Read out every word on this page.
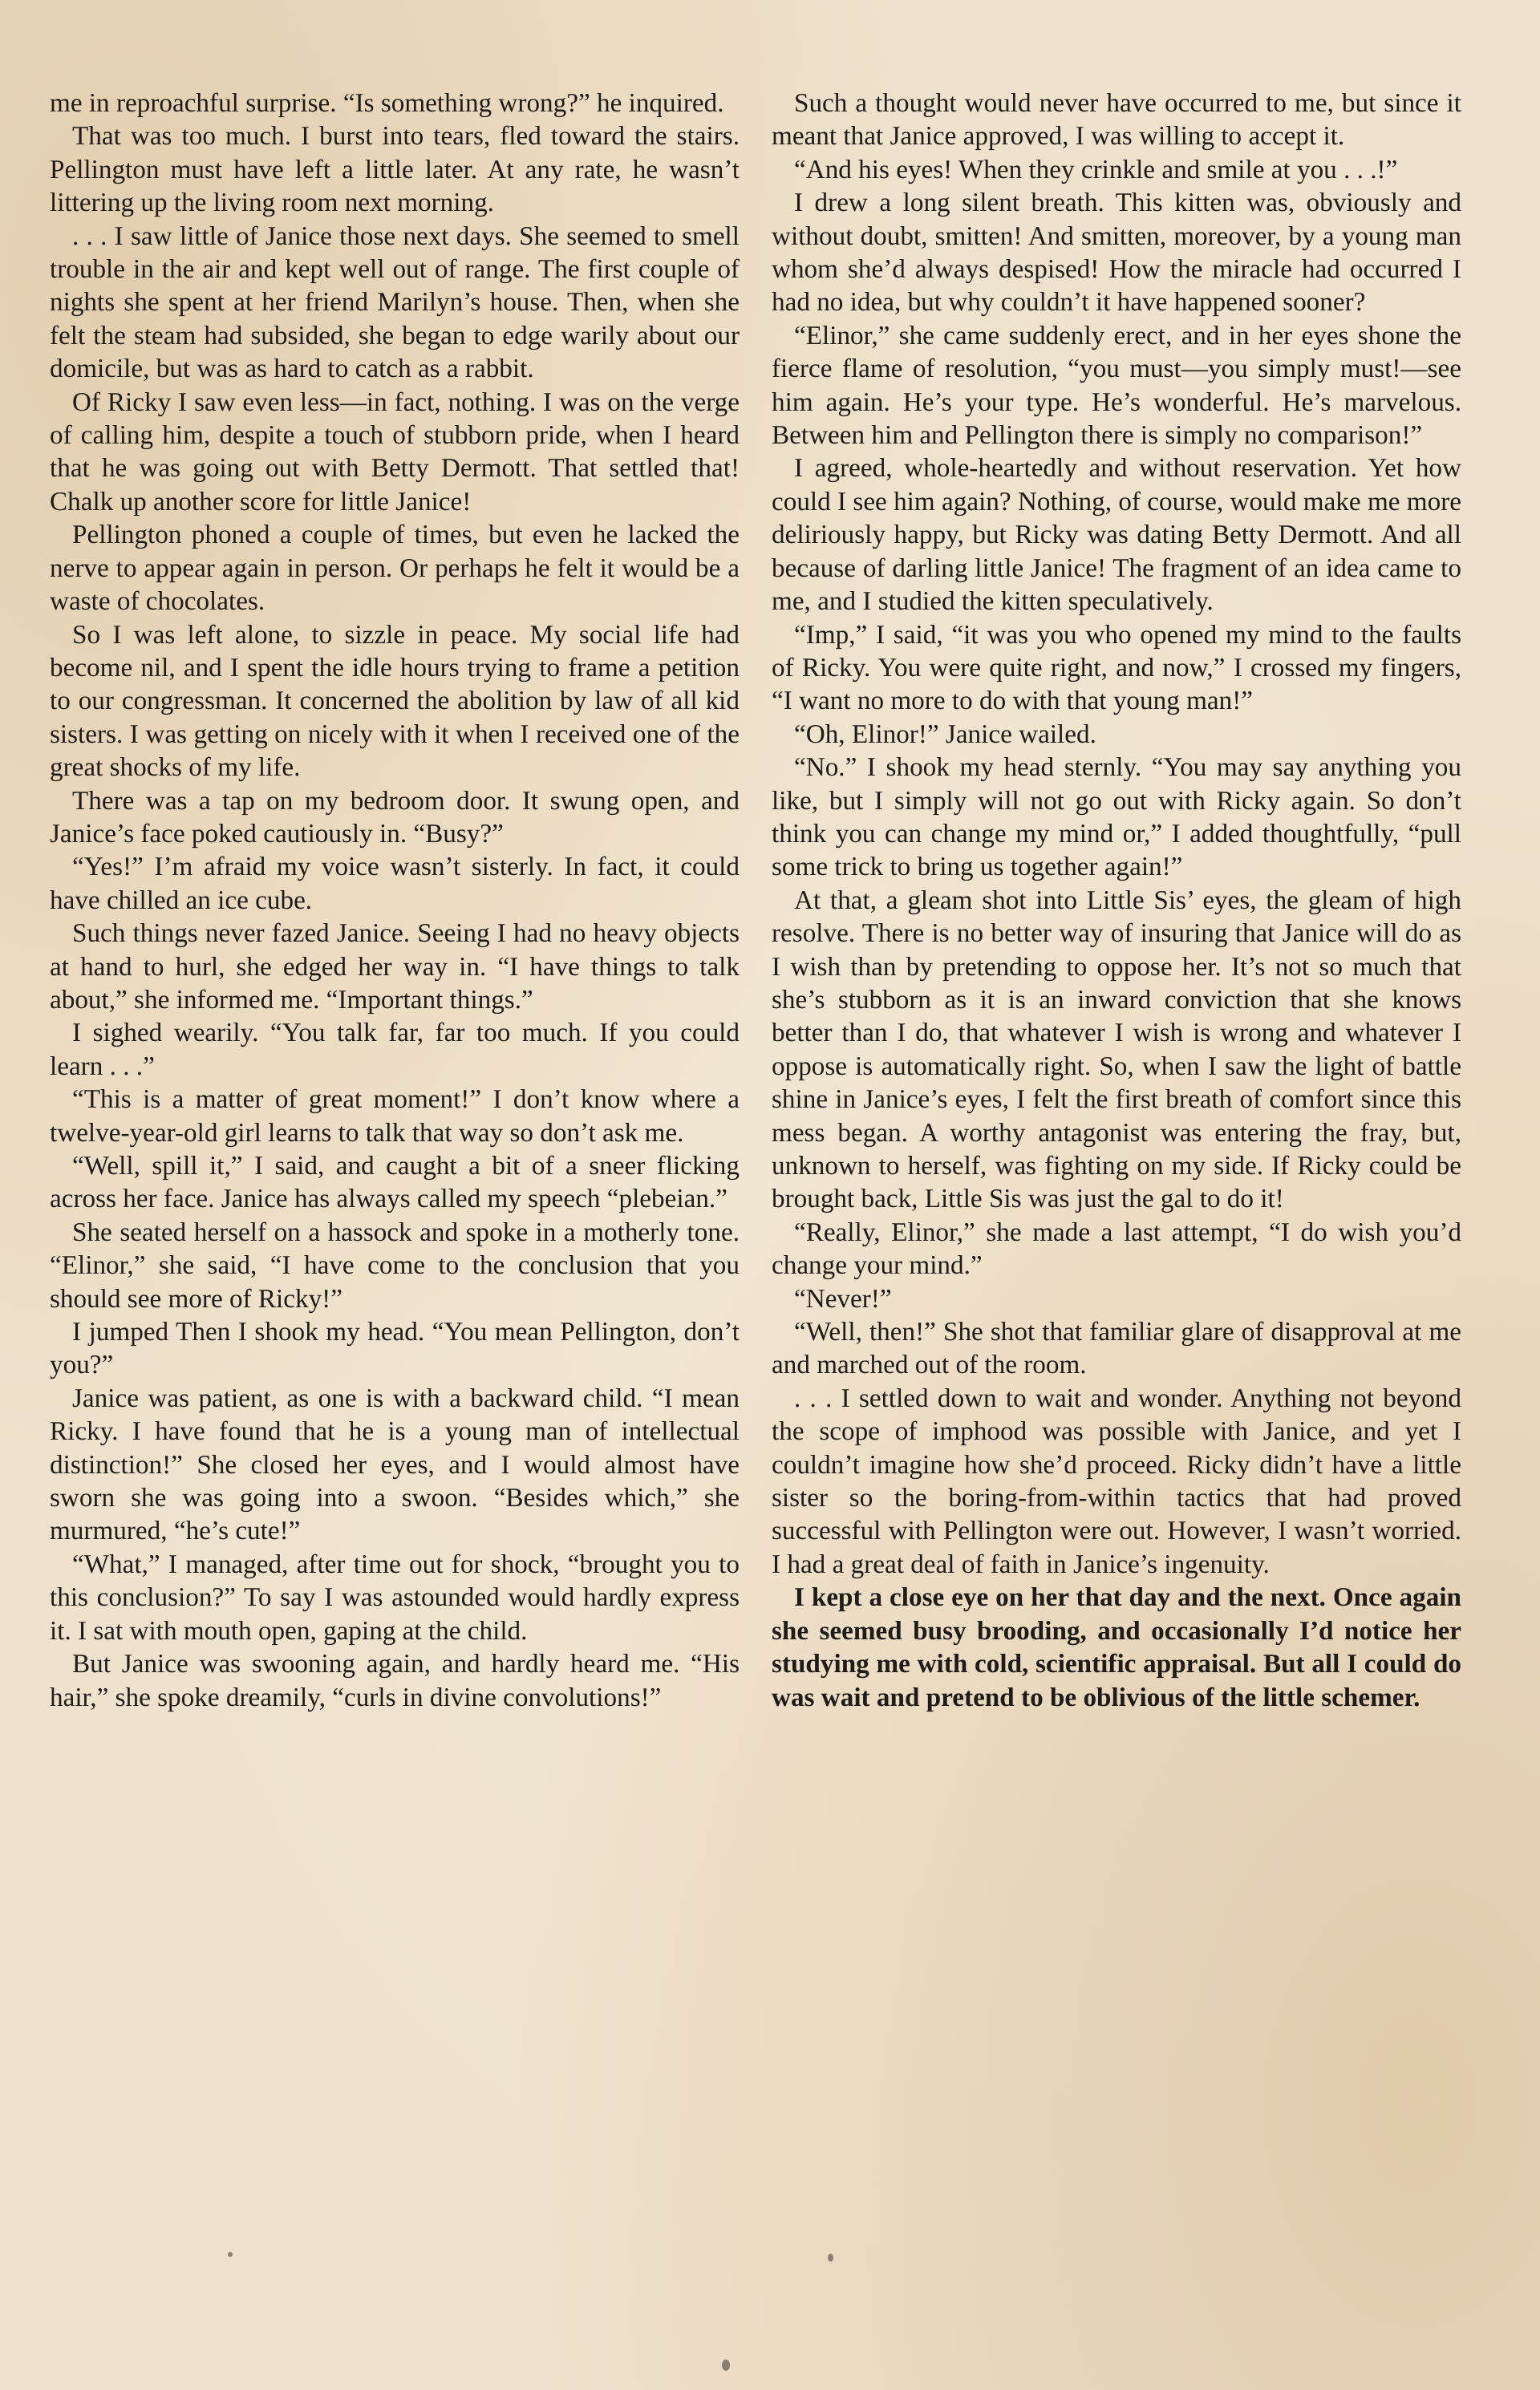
me in reproachful surprise. “Is something wrong?” he inquired.

That was too much. I burst into tears, fled toward the stairs. Pellington must have left a little later. At any rate, he wasn’t littering up the living room next morning.

. . . I saw little of Janice those next days. She seemed to smell trouble in the air and kept well out of range. The first couple of nights she spent at her friend Marilyn’s house. Then, when she felt the steam had subsided, she began to edge warily about our domicile, but was as hard to catch as a rabbit.

Of Ricky I saw even less—in fact, nothing. I was on the verge of calling him, despite a touch of stubborn pride, when I heard that he was going out with Betty Dermott. That settled that! Chalk up another score for little Janice!

Pellington phoned a couple of times, but even he lacked the nerve to appear again in person. Or perhaps he felt it would be a waste of chocolates.

So I was left alone, to sizzle in peace. My social life had become nil, and I spent the idle hours trying to frame a petition to our congressman. It concerned the abolition by law of all kid sisters. I was getting on nicely with it when I received one of the great shocks of my life.

There was a tap on my bedroom door. It swung open, and Janice’s face poked cautiously in. “Busy?”

“Yes!” I’m afraid my voice wasn’t sisterly. In fact, it could have chilled an ice cube.

Such things never fazed Janice. Seeing I had no heavy objects at hand to hurl, she edged her way in. “I have things to talk about,” she informed me. “Important things.”

I sighed wearily. “You talk far, far too much. If you could learn . . .”

“This is a matter of great moment!” I don’t know where a twelve-year-old girl learns to talk that way so don’t ask me.

“Well, spill it,” I said, and caught a bit of a sneer flicking across her face. Janice has always called my speech “plebeian.”

She seated herself on a hassock and spoke in a motherly tone. “Elinor,” she said, “I have come to the conclusion that you should see more of Ricky!”

I jumped Then I shook my head. “You mean Pellington, don’t you?”

Janice was patient, as one is with a backward child. “I mean Ricky. I have found that he is a young man of intellectual distinction!” She closed her eyes, and I would almost have sworn she was going into a swoon. “Besides which,” she murmured, “he’s cute!”

“What,” I managed, after time out for shock, “brought you to this conclusion?” To say I was astounded would hardly express it. I sat with mouth open, gaping at the child.

But Janice was swooning again, and hardly heard me. “His hair,” she spoke dreamily, “curls in divine convolutions!”

Such a thought would never have occurred to me, but since it meant that Janice approved, I was willing to accept it.

“And his eyes! When they crinkle and smile at you . . .!”

I drew a long silent breath. This kitten was, obviously and without doubt, smitten! And smitten, moreover, by a young man whom she’d always despised! How the miracle had occurred I had no idea, but why couldn’t it have happened sooner?

“Elinor,” she came suddenly erect, and in her eyes shone the fierce flame of resolution, “you must—you simply must!—see him again. He’s your type. He’s wonderful. He’s marvelous. Between him and Pellington there is simply no comparison!”

I agreed, whole-heartedly and without reservation. Yet how could I see him again? Nothing, of course, would make me more deliriously happy, but Ricky was dating Betty Dermott. And all because of darling little Janice! The fragment of an idea came to me, and I studied the kitten speculatively.

“Imp,” I said, “it was you who opened my mind to the faults of Ricky. You were quite right, and now,” I crossed my fingers, “I want no more to do with that young man!”

“Oh, Elinor!” Janice wailed.

“No.” I shook my head sternly. “You may say anything you like, but I simply will not go out with Ricky again. So don’t think you can change my mind or,” I added thoughtfully, “pull some trick to bring us together again!”

At that, a gleam shot into Little Sis’ eyes, the gleam of high resolve. There is no better way of insuring that Janice will do as I wish than by pretending to oppose her. It’s not so much that she’s stubborn as it is an inward conviction that she knows better than I do, that whatever I wish is wrong and whatever I oppose is automatically right. So, when I saw the light of battle shine in Janice’s eyes, I felt the first breath of comfort since this mess began. A worthy antagonist was entering the fray, but, unknown to herself, was fighting on my side. If Ricky could be brought back, Little Sis was just the gal to do it!

“Really, Elinor,” she made a last attempt, “I do wish you’d change your mind.”

“Never!”

“Well, then!” She shot that familiar glare of disapproval at me and marched out of the room.

. . . I settled down to wait and wonder. Anything not beyond the scope of imphood was possible with Janice, and yet I couldn’t imagine how she’d proceed. Ricky didn’t have a little sister so the boring-from-within tactics that had proved successful with Pellington were out. However, I wasn’t worried. I had a great deal of faith in Janice’s ingenuity.

I kept a close eye on her that day and the next. Once again she seemed busy brooding, and occasionally I’d notice her studying me with cold, scientific appraisal. But all I could do was wait and pretend to be oblivious of the little schemer.
